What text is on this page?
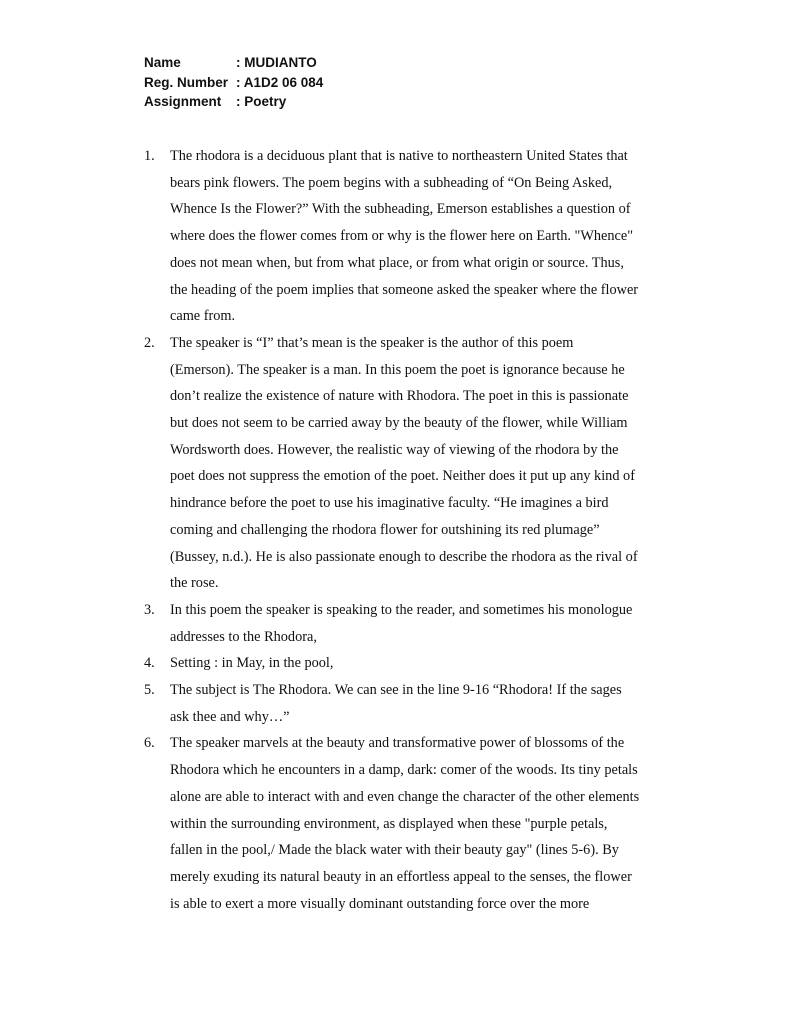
Name	: MUDIANTO
Reg. Number : A1D2 06 084
Assignment	: Poetry
1.	The rhodora is a deciduous plant that is native to northeastern United States that
bears pink flowers. The poem begins with a subheading of “On Being Asked,
Whence Is the Flower?” With the subheading, Emerson establishes a question of
where does the flower comes from or why is the flower here on Earth. "Whence"
does not mean when, but from what place, or from what origin or source. Thus,
the heading of the poem implies that someone asked the speaker where the flower
came from.
2.	The speaker is “I” that’s mean is the speaker is the author of this poem
(Emerson). The speaker is a man. In this poem the poet is ignorance because he
don’t realize the existence of nature with Rhodora. The poet in this is passionate
but does not seem to be carried away by the beauty of the flower, while William
Wordsworth does. However, the realistic way of viewing of the rhodora by the
poet does not suppress the emotion of the poet. Neither does it put up any kind of
hindrance before the poet to use his imaginative faculty. “He imagines a bird
coming and challenging the rhodora flower for outshining its red plumage”
(Bussey, n.d.). He is also passionate enough to describe the rhodora as the rival of
the rose.
3.	In this poem the speaker is speaking to the reader, and sometimes his monologue
addresses to the Rhodora,
4.	Setting : in May, in the pool,
5.	The subject is The Rhodora. We can see in the line 9-16 “Rhodora! If the sages
ask thee and why…”
6.	The speaker marvels at the beauty and transformative power of blossoms of the
Rhodora which he encounters in a damp, dark: comer of the woods. Its tiny petals
alone are able to interact with and even change the character of the other elements
within the surrounding environment, as displayed when these "purple petals,
fallen in the pool,/ Made the black water with their beauty gay" (lines 5-6). By
merely exuding its natural beauty in an effortless appeal to the senses, the flower
is able to exert a more visually dominant outstanding force over the more
